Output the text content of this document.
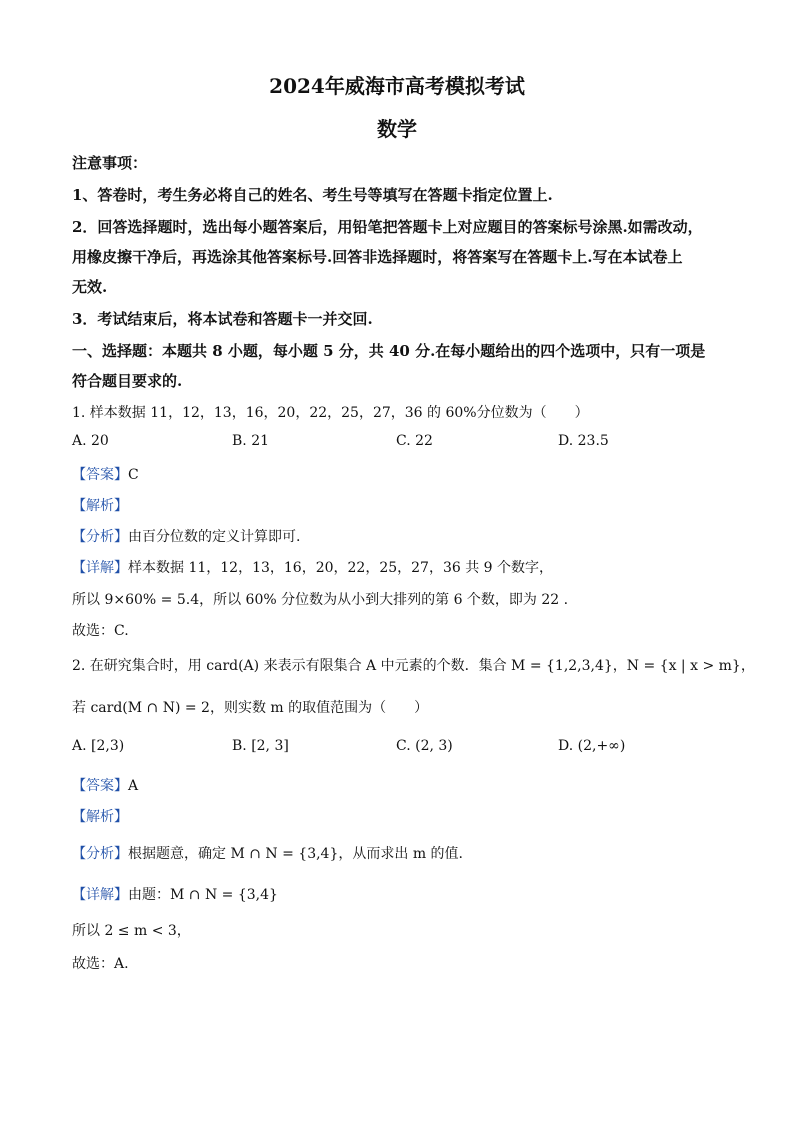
2024年威海市高考模拟考试
数学
注意事项：
1、答卷时，考生务必将自己的姓名、考生号等填写在答题卡指定位置上.
2．回答选择题时，选出每小题答案后，用铅笔把答题卡上对应题目的答案标号涂黑.如需改动，
用橡皮擦干净后，再选涂其他答案标号.回答非选择题时，将答案写在答题卡上.写在本试卷上
无效.
3．考试结束后，将本试卷和答题卡一并交回.
一、选择题：本题共 8 小题，每小题 5 分，共 40 分.在每小题给出的四个选项中，只有一项是
符合题目要求的.
1. 样本数据 11，12，13，16，20，22，25，27，36 的 60%分位数为（　　）
A. 20	B. 21	C. 22	D. 23.5
【答案】C
【解析】
【分析】由百分位数的定义计算即可.
【详解】样本数据 11，12，13，16，20，22，25，27，36 共 9 个数字，
所以 9×60% = 5.4，所以 60% 分位数为从小到大排列的第 6 个数，即为 22 .
故选：C.
2. 在研究集合时，用 card(A) 来表示有限集合 A 中元素的个数．集合 M = {1,2,3,4}，N = {x | x > m}，
若 card(M ∩ N) = 2，则实数 m 的取值范围为（　　）
A. [2,3)	B. [2, 3]	C. (2, 3)	D. (2,+∞)
【答案】A
【解析】
【分析】根据题意，确定 M ∩ N = {3,4}，从而求出 m 的值.
【详解】由题：M ∩ N = {3,4}
所以 2 ≤ m < 3，
故选：A.
